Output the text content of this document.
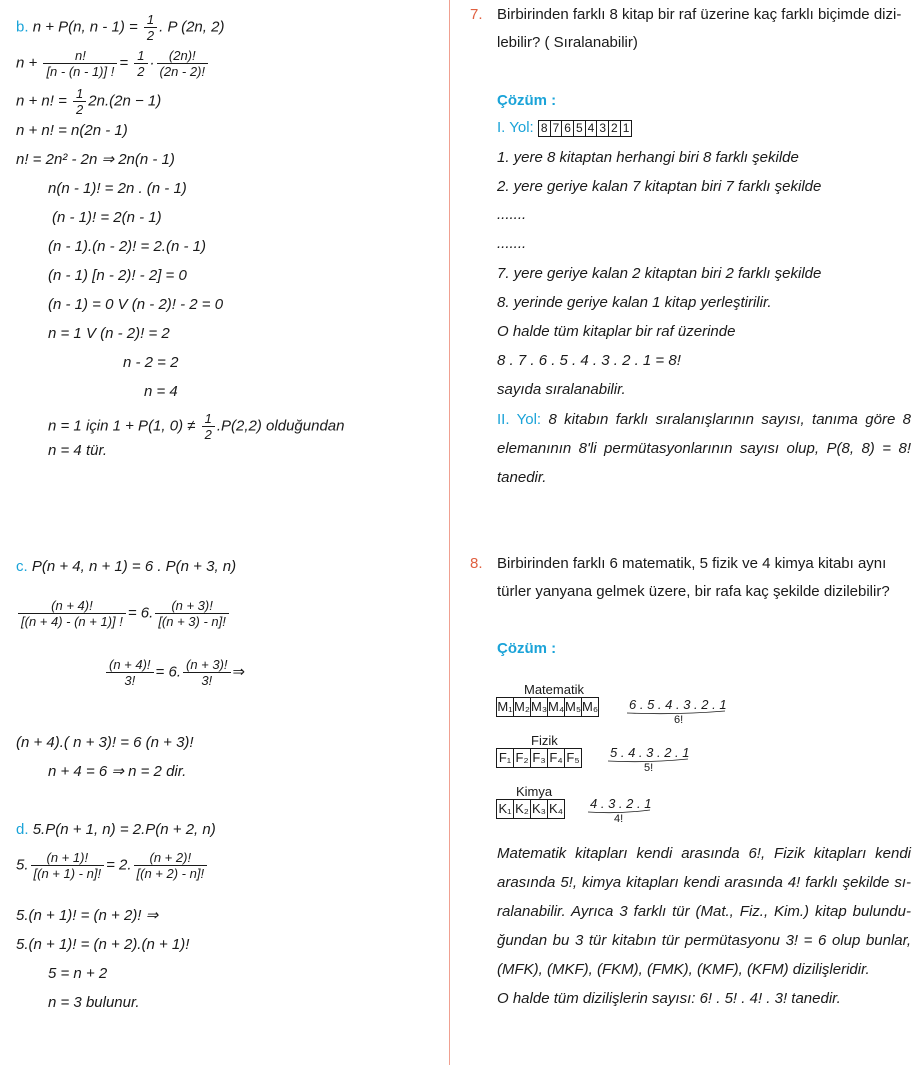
b. n + P(n, $n - 1) = \frac{1}{2}$ . P (2n, 2)
$n + \frac{n!}{[n - (n - 1)] !} = \frac{1}{2} \cdot \frac{(2n)!}{(2n - 2)!}$
n + n! = $\frac{1}{2} 2n.(2n - 1)$
n + n! = n(2n - 1)
n! = 2n² - 2n ⇒ 2n(n - 1)
n(n - 1)! = 2n . (n - 1)
(n - 1)! = 2(n - 1)
(n - 1).(n - 2)! = 2.(n - 1)
(n - 1) [n - 2)! - 2] = 0
(n - 1) = 0 V (n - 2)! - 2 = 0
n = 1 V (n - 2)! = 2
n - 2 = 2
n = 4
n = 1 için 1 + P(1, $0) \ne \frac{1}{2} .P(2,2)$ olduğundan
n = 4 tür.
c. P(n + 4, n + 1) = 6 . P(n + 3, n)
$\frac{(n + 4)!}{[(n + 4) - (n + 1)] !} = 6$. $\frac{(n + 3)!}{[(n + 3) - n]!}$
$\frac{(n + 4)!}{3!} = 6$. $\frac{(n + 3)!}{3!}$ ⇒
(n + 4).( n + 3)! = 6 (n + 3)!
n + 4 = 6 ⇒ n = 2 dir.
d. 5.P(n + 1, n) = 2.P(n + 2, n)
5. $\frac{(n + 1)!}{[(n + 1) - n]!} = 2$. $\frac{(n + 2)!}{[(n + 2) - n]!}$
5.(n + 1)! = (n + 2)! ⇒
5.(n + 1)! = (n + 2).(n + 1)!
5 = n + 2
n = 3 bulunur.
7. Birbirinden farklı 8 kitap bir raf üzerine kaç farklı biçimde dizi-
lebilir? ( Sıralanabilir)
Çözüm :
I. Yol: 8 7 6 5 4 3 2 1
1. yere 8 kitaptan herhangi biri 8 farklı şekilde
2. yere geriye kalan 7 kitaptan biri 7 farklı şekilde
.......
.......
7. yere geriye kalan 2 kitaptan biri 2 farklı şekilde
8. yerinde geriye kalan 1 kitap yerleştirilir.
O halde tüm kitaplar bir raf üzerinde
8 . 7 . 6 . 5 . 4 . 3 . 2 . 1 = 8!
sayıda sıralanabilir.

II. Yol: 8 kitabın farklı sıralanışlarının sayısı, tanıma göre 8

elemanının 8'li permütasyonlarının sayısı olup, P(8, 8) = 8!

tanedir.

8. Birbirinden farklı 6 matematik, 5 fizik ve 4 kimya kitabı aynı
türler yanyana gelmek üzere, bir rafa kaç şekilde dizilebilir?
Çözüm :
Matematik
M₁ M₂ M₃ M₄ M₅ M₆ 6 . 5 . 4 . 3 . 2 . 1
6!
Fizik
F₁ F₂ F₃ F₄ F₅ 5 . 4 . 3 . 2 . 1
5!
Kimya
K₁ K₂ K₃ K₄ 4 . 3 . 2 . 1
4!

Matematik kitapları kendi arasında 6!, Fizik kitapları kendi

arasında 5!, kimya kitapları kendi arasında 4! farklı şekilde sı-

ralanabilir. Ayrıca 3 farklı tür (Mat., Fiz., Kim.) kitap bulundu-

ğundan bu 3 tür kitabın tür permütasyonu 3! = 6 olup bunlar,

(MFK), (MKF), (FKM), (FMK), (KMF), (KFM) dizilişleridir.

O halde tüm dizilişlerin sayısı: 6! . 5! . 4! . 3! tanedir.
